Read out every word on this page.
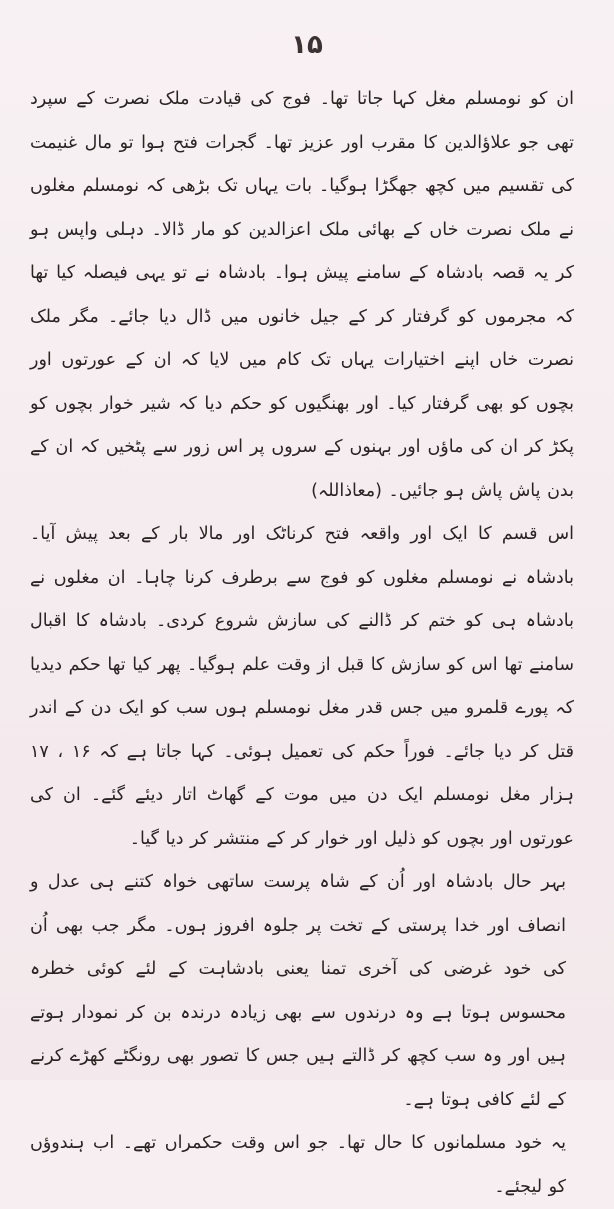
۱۵

ان کو نومسلم مغل کہا جاتا تھا۔ فوج کی قیادت ملک نصرت کے سپرد تھی جو علاؤالدین کا مقرب اور عزیز تھا۔ گجرات فتح ہوا تو مال غنیمت کی تقسیم میں کچھ جھگڑا ہوگیا۔ بات یہاں تک بڑھی کہ نومسلم مغلوں نے ملک نصرت خاں کے بھائی ملک اعزالدین کو مار ڈالا۔ دہلی واپس ہو کر یہ قصہ بادشاہ کے سامنے پیش ہوا۔ بادشاہ نے تو یہی فیصلہ کیا تھا کہ مجرموں کو گرفتار کر کے جیل خانوں میں ڈال دیا جائے۔ مگر ملک نصرت خاں اپنے اختیارات یہاں تک کام میں لایا کہ ان کے عورتوں اور بچوں کو بھی گرفتار کیا۔ اور بھنگیوں کو حکم دیا کہ شیر خوار بچوں کو پکڑ کر ان کی ماؤں اور بہنوں کے سروں پر اس زور سے پٹخیں کہ ان کے بدن پاش پاش ہو جائیں۔ (معاذاللہ)

اس قسم کا ایک اور واقعہ فتح کرناٹک اور مالا بار کے بعد پیش آیا۔ بادشاہ نے نومسلم مغلوں کو فوج سے برطرف کرنا چاہا۔ ان مغلوں نے بادشاہ ہی کو ختم کر ڈالنے کی سازش شروع کردی۔ بادشاہ کا اقبال سامنے تھا اس کو سازش کا قبل از وقت علم ہوگیا۔ پھر کیا تھا حکم دیدیا کہ پورے قلمرو میں جس قدر مغل نومسلم ہوں سب کو ایک دن کے اندر قتل کر دیا جائے۔ فوراً حکم کی تعمیل ہوئی۔ کہا جاتا ہے کہ ۱۶ ، ۱۷ ہزار مغل نومسلم ایک دن میں موت کے گھاٹ اتار دیئے گئے۔ ان کی عورتوں اور بچوں کو ذلیل اور خوار کر کے منتشر کر دیا گیا۔

بہر حال بادشاہ اور اُن کے شاہ پرست ساتھی خواہ کتنے ہی عدل و انصاف اور خدا پرستی کے تخت پر جلوہ افروز ہوں۔ مگر جب بھی اُن کی خود غرضی کی آخری تمنا یعنی بادشاہت کے لئے کوئی خطرہ محسوس ہوتا ہے وہ درندوں سے بھی زیادہ درندہ بن کر نمودار ہوتے ہیں اور وہ سب کچھ کر ڈالتے ہیں جس کا تصور بھی رونگٹے کھڑے کرنے کے لئے کافی ہوتا ہے۔

یہ خود مسلمانوں کا حال تھا۔ جو اس وقت حکمراں تھے۔ اب ہندوؤں کو لیجئے۔
